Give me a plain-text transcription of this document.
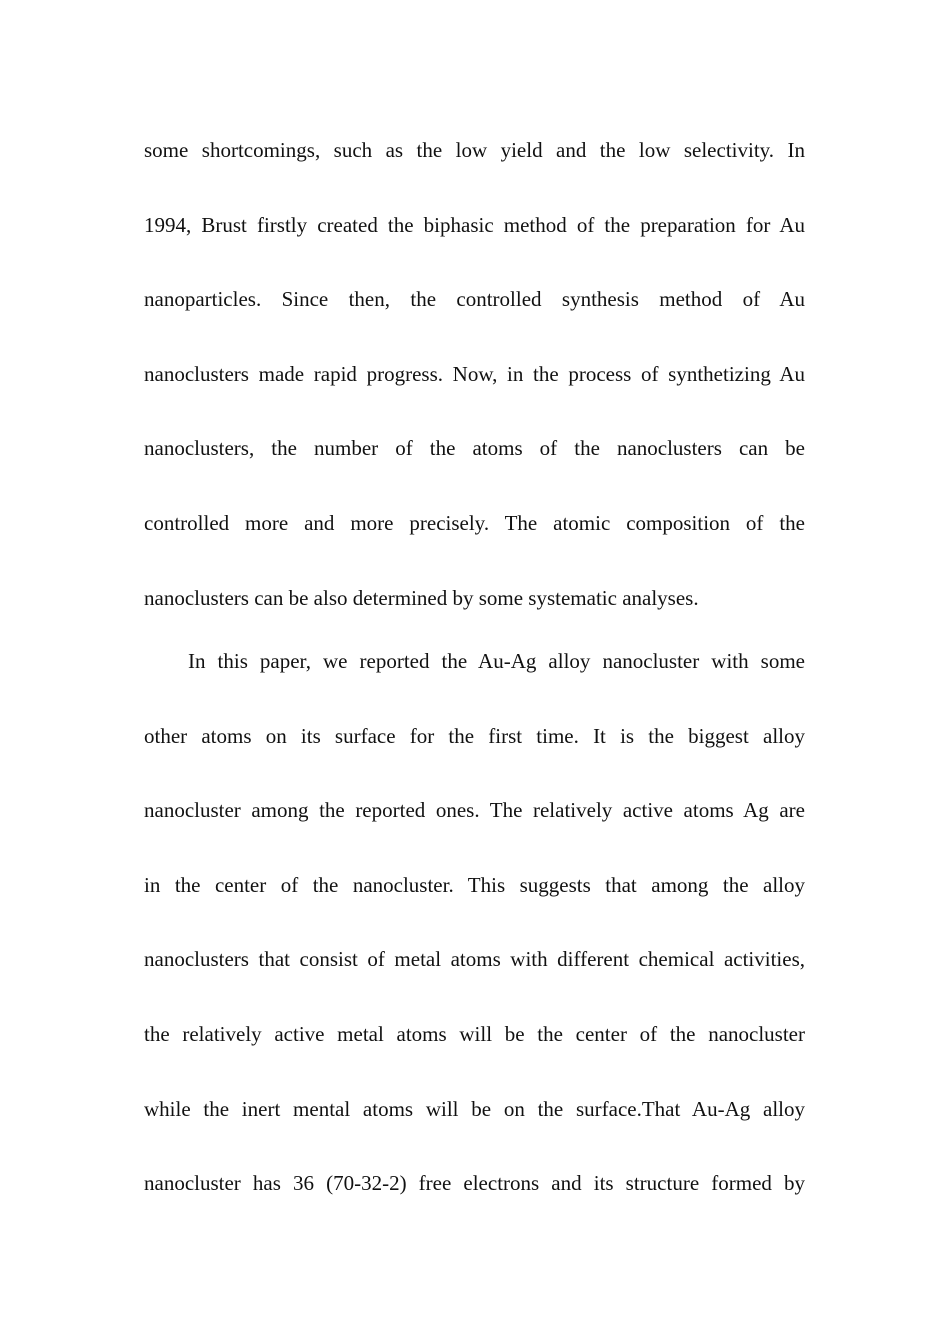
some shortcomings, such as the low yield and the low selectivity. In
1994, Brust firstly created the biphasic method of the preparation for Au
nanoparticles. Since then, the controlled synthesis method of Au
nanoclusters made rapid progress. Now, in the process of synthetizing Au
nanoclusters, the number of the atoms of the nanoclusters can be
controlled more and more precisely. The atomic composition of the
nanoclusters can be also determined by some systematic analyses.
In this paper, we reported the Au-Ag alloy nanocluster with some
other atoms on its surface for the first time. It is the biggest alloy
nanocluster among the reported ones. The relatively active atoms Ag are
in the center of the nanocluster. This suggests that among the alloy
nanoclusters that consist of metal atoms with different chemical activities,
the relatively active metal atoms will be the center of the nanocluster
while the inert mental atoms will be on the surface.That Au-Ag alloy
nanocluster has 36 (70-32-2) free electrons and its structure formed by
